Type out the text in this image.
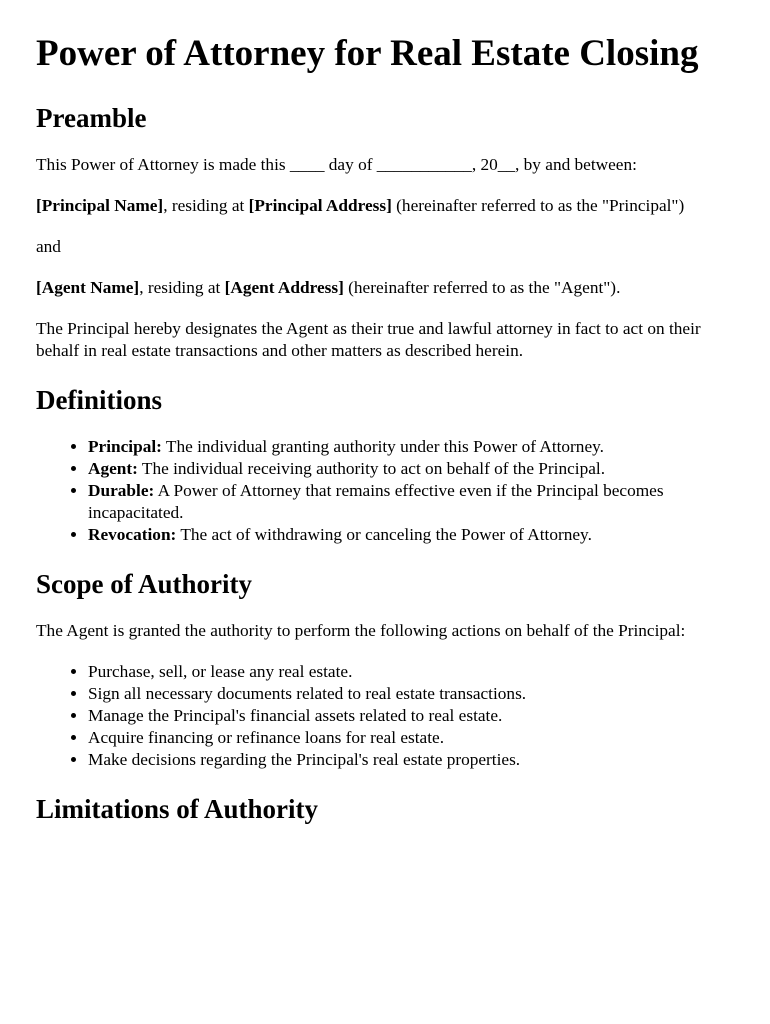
Power of Attorney for Real Estate Closing
Preamble

This Power of Attorney is made this ____ day of ___________, 20__, by and between:

[Principal Name], residing at [Principal Address] (hereinafter referred to as the "Principal")

and

[Agent Name], residing at [Agent Address] (hereinafter referred to as the "Agent").

The Principal hereby designates the Agent as their true and lawful attorney in fact to act on their behalf in real estate transactions and other matters as described herein.

Definitions
• Principal: The individual granting authority under this Power of Attorney.
• Agent: The individual receiving authority to act on behalf of the Principal.
• Durable: A Power of Attorney that remains effective even if the Principal becomes incapacitated.
• Revocation: The act of withdrawing or canceling the Power of Attorney.
Scope of Authority

The Agent is granted the authority to perform the following actions on behalf of the Principal:

• Purchase, sell, or lease any real estate.
• Sign all necessary documents related to real estate transactions.
• Manage the Principal's financial assets related to real estate.
• Acquire financing or refinance loans for real estate.
• Make decisions regarding the Principal's real estate properties.
Limitations of Authority
